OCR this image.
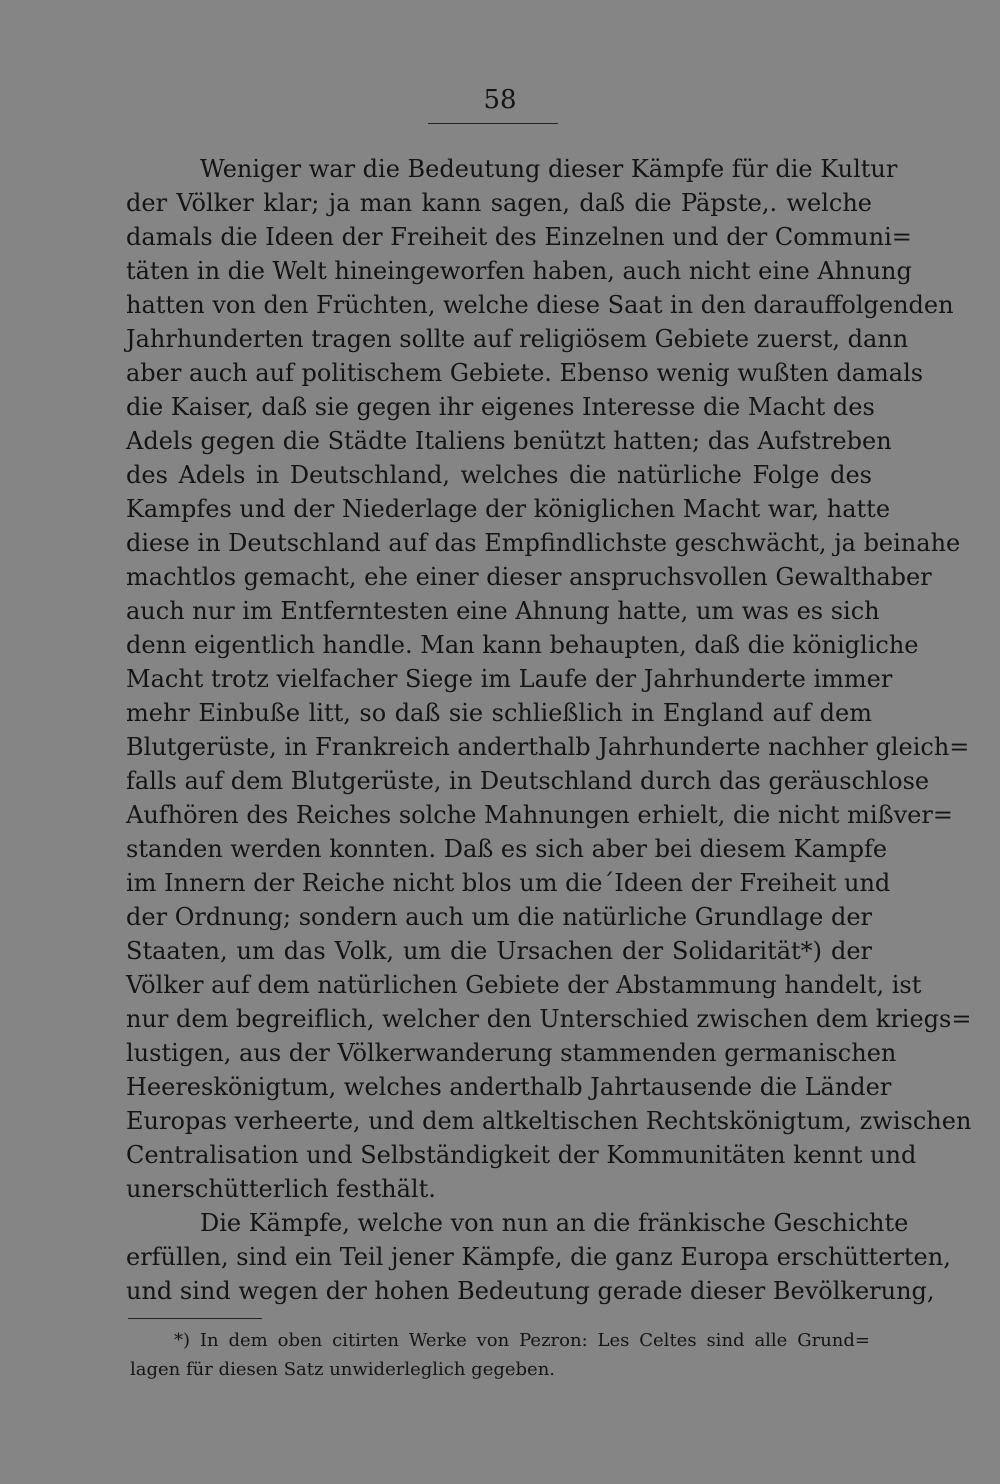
58
Weniger war die Bedeutung dieser Kämpfe für die Kultur
der Völker klar; ja man kann sagen, daß die Päpste,. welche
damals die Ideen der Freiheit des Einzelnen und der Communi=
täten in die Welt hineingeworfen haben, auch nicht eine Ahnung
hatten von den Früchten, welche diese Saat in den darauffolgenden
Jahrhunderten tragen sollte auf religiösem Gebiete zuerst, dann
aber auch auf politischem Gebiete. Ebenso wenig wußten damals
die Kaiser, daß sie gegen ihr eigenes Interesse die Macht des
Adels gegen die Städte Italiens benützt hatten; das Aufstreben
des Adels in Deutschland, welches die natürliche Folge des
Kampfes und der Niederlage der königlichen Macht war, hatte
diese in Deutschland auf das Empfindlichste geschwächt, ja beinahe
machtlos gemacht, ehe einer dieser anspruchsvollen Gewalthaber
auch nur im Entferntesten eine Ahnung hatte, um was es sich
denn eigentlich handle. Man kann behaupten, daß die königliche
Macht trotz vielfacher Siege im Laufe der Jahrhunderte immer
mehr Einbuße litt, so daß sie schließlich in England auf dem
Blutgerüste, in Frankreich anderthalb Jahrhunderte nachher gleich=
falls auf dem Blutgerüste, in Deutschland durch das geräuschlose
Aufhören des Reiches solche Mahnungen erhielt, die nicht mißver=
standen werden konnten. Daß es sich aber bei diesem Kampfe
im Innern der Reiche nicht blos um die´Ideen der Freiheit und
der Ordnung; sondern auch um die natürliche Grundlage der
Staaten, um das Volk, um die Ursachen der Solidarität*) der
Völker auf dem natürlichen Gebiete der Abstammung handelt, ist
nur dem begreiflich, welcher den Unterschied zwischen dem kriegs=
lustigen, aus der Völkerwanderung stammenden germanischen
Heereskönigtum, welches anderthalb Jahrtausende die Länder
Europas verheerte, und dem altkeltischen Rechtskönigtum, zwischen
Centralisation und Selbständigkeit der Kommunitäten kennt und
unerschütterlich festhält.
Die Kämpfe, welche von nun an die fränkische Geschichte
erfüllen, sind ein Teil jener Kämpfe, die ganz Europa erschütterten,
und sind wegen der hohen Bedeutung gerade dieser Bevölkerung,
*) In dem oben citirten Werke von Pezron: Les Celtes sind alle Grund=
lagen für diesen Satz unwiderleglich gegeben.
